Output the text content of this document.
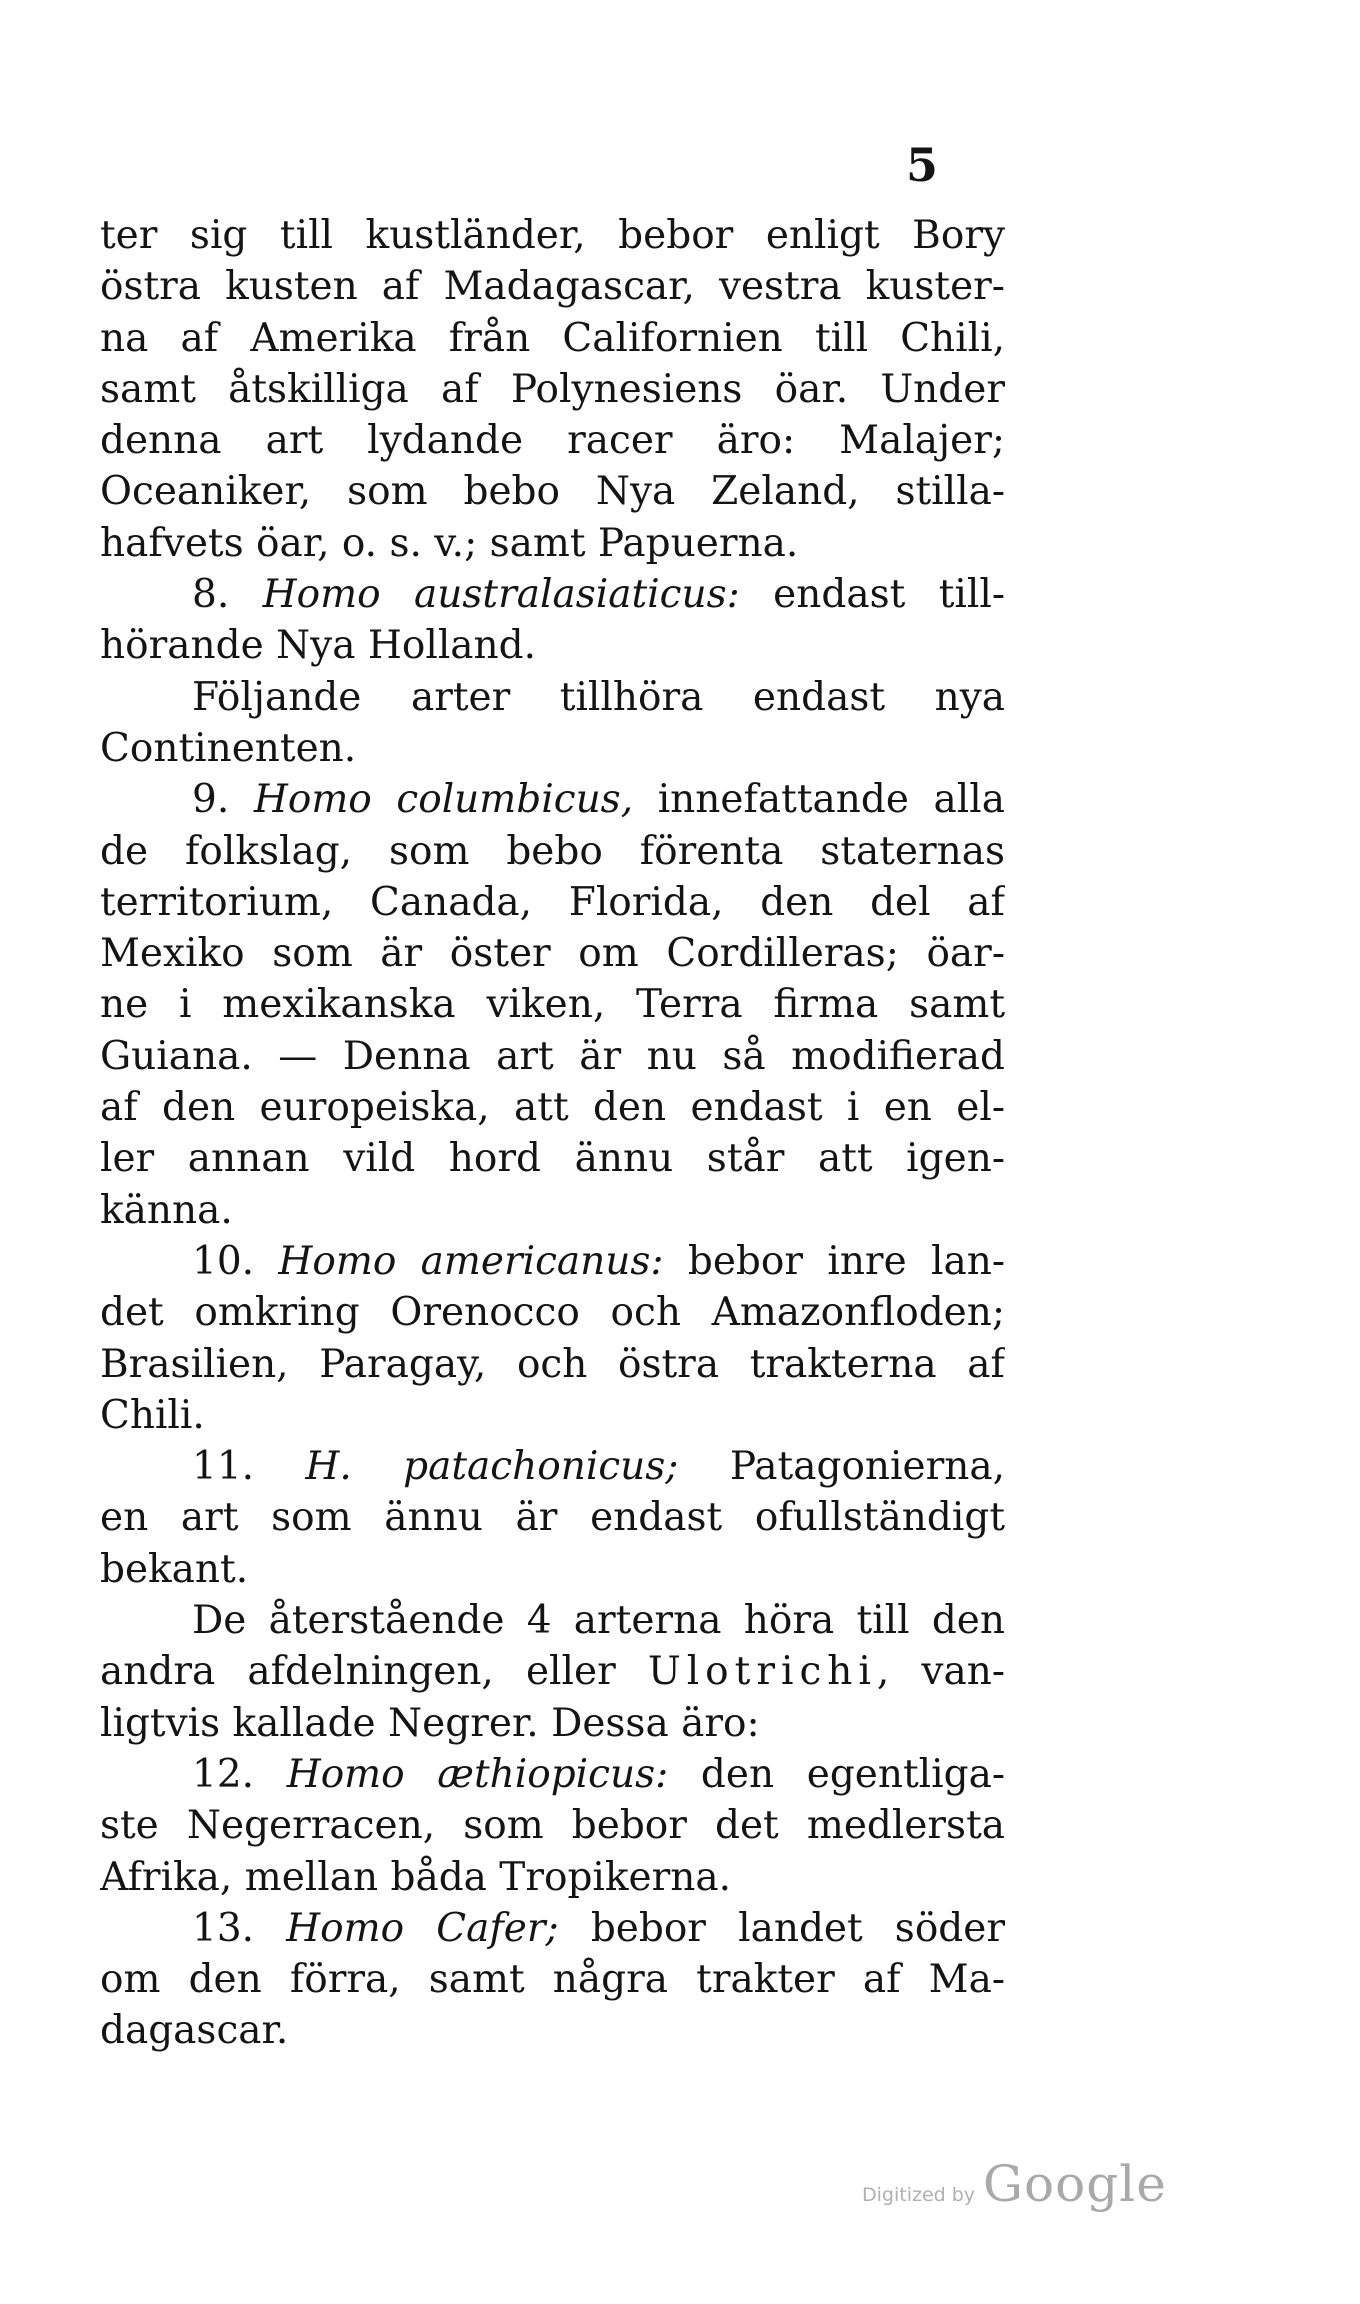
5
ter sig till kustländer, bebor enligt Bory
östra kusten af Madagascar, vestra kuster-
na af Amerika från Californien till Chili,
samt åtskilliga af Polynesiens öar. Under
denna art lydande racer äro: Malajer;
Oceaniker, som bebo Nya Zeland, stilla-
hafvets öar, o. s. v.; samt Papuerna.
8. Homo australasiaticus: endast till-
hörande Nya Holland.
Följande arter tillhöra endast nya
Continenten.
9. Homo columbicus, innefattande alla
de folkslag, som bebo förenta staternas
territorium, Canada, Florida, den del af
Mexiko som är öster om Cordilleras; öar-
ne i mexikanska viken, Terra firma samt
Guiana. — Denna art är nu så modifierad
af den europeiska, att den endast i en el-
ler annan vild hord ännu står att igen-
känna.
10. Homo americanus: bebor inre lan-
det omkring Orenocco och Amazonfloden;
Brasilien, Paragay, och östra trakterna af
Chili.
11. H. patachonicus; Patagonierna,
en art som ännu är endast ofullständigt
bekant.
De återstående 4 arterna höra till den
andra afdelningen, eller Ulotrichi, van-
ligtvis kallade Negrer. Dessa äro:
12. Homo æthiopicus: den egentliga-
ste Negerracen, som bebor det medlersta
Afrika, mellan båda Tropikerna.
13. Homo Cafer; bebor landet söder
om den förra, samt några trakter af Ma-
dagascar.
Digitized by Google
